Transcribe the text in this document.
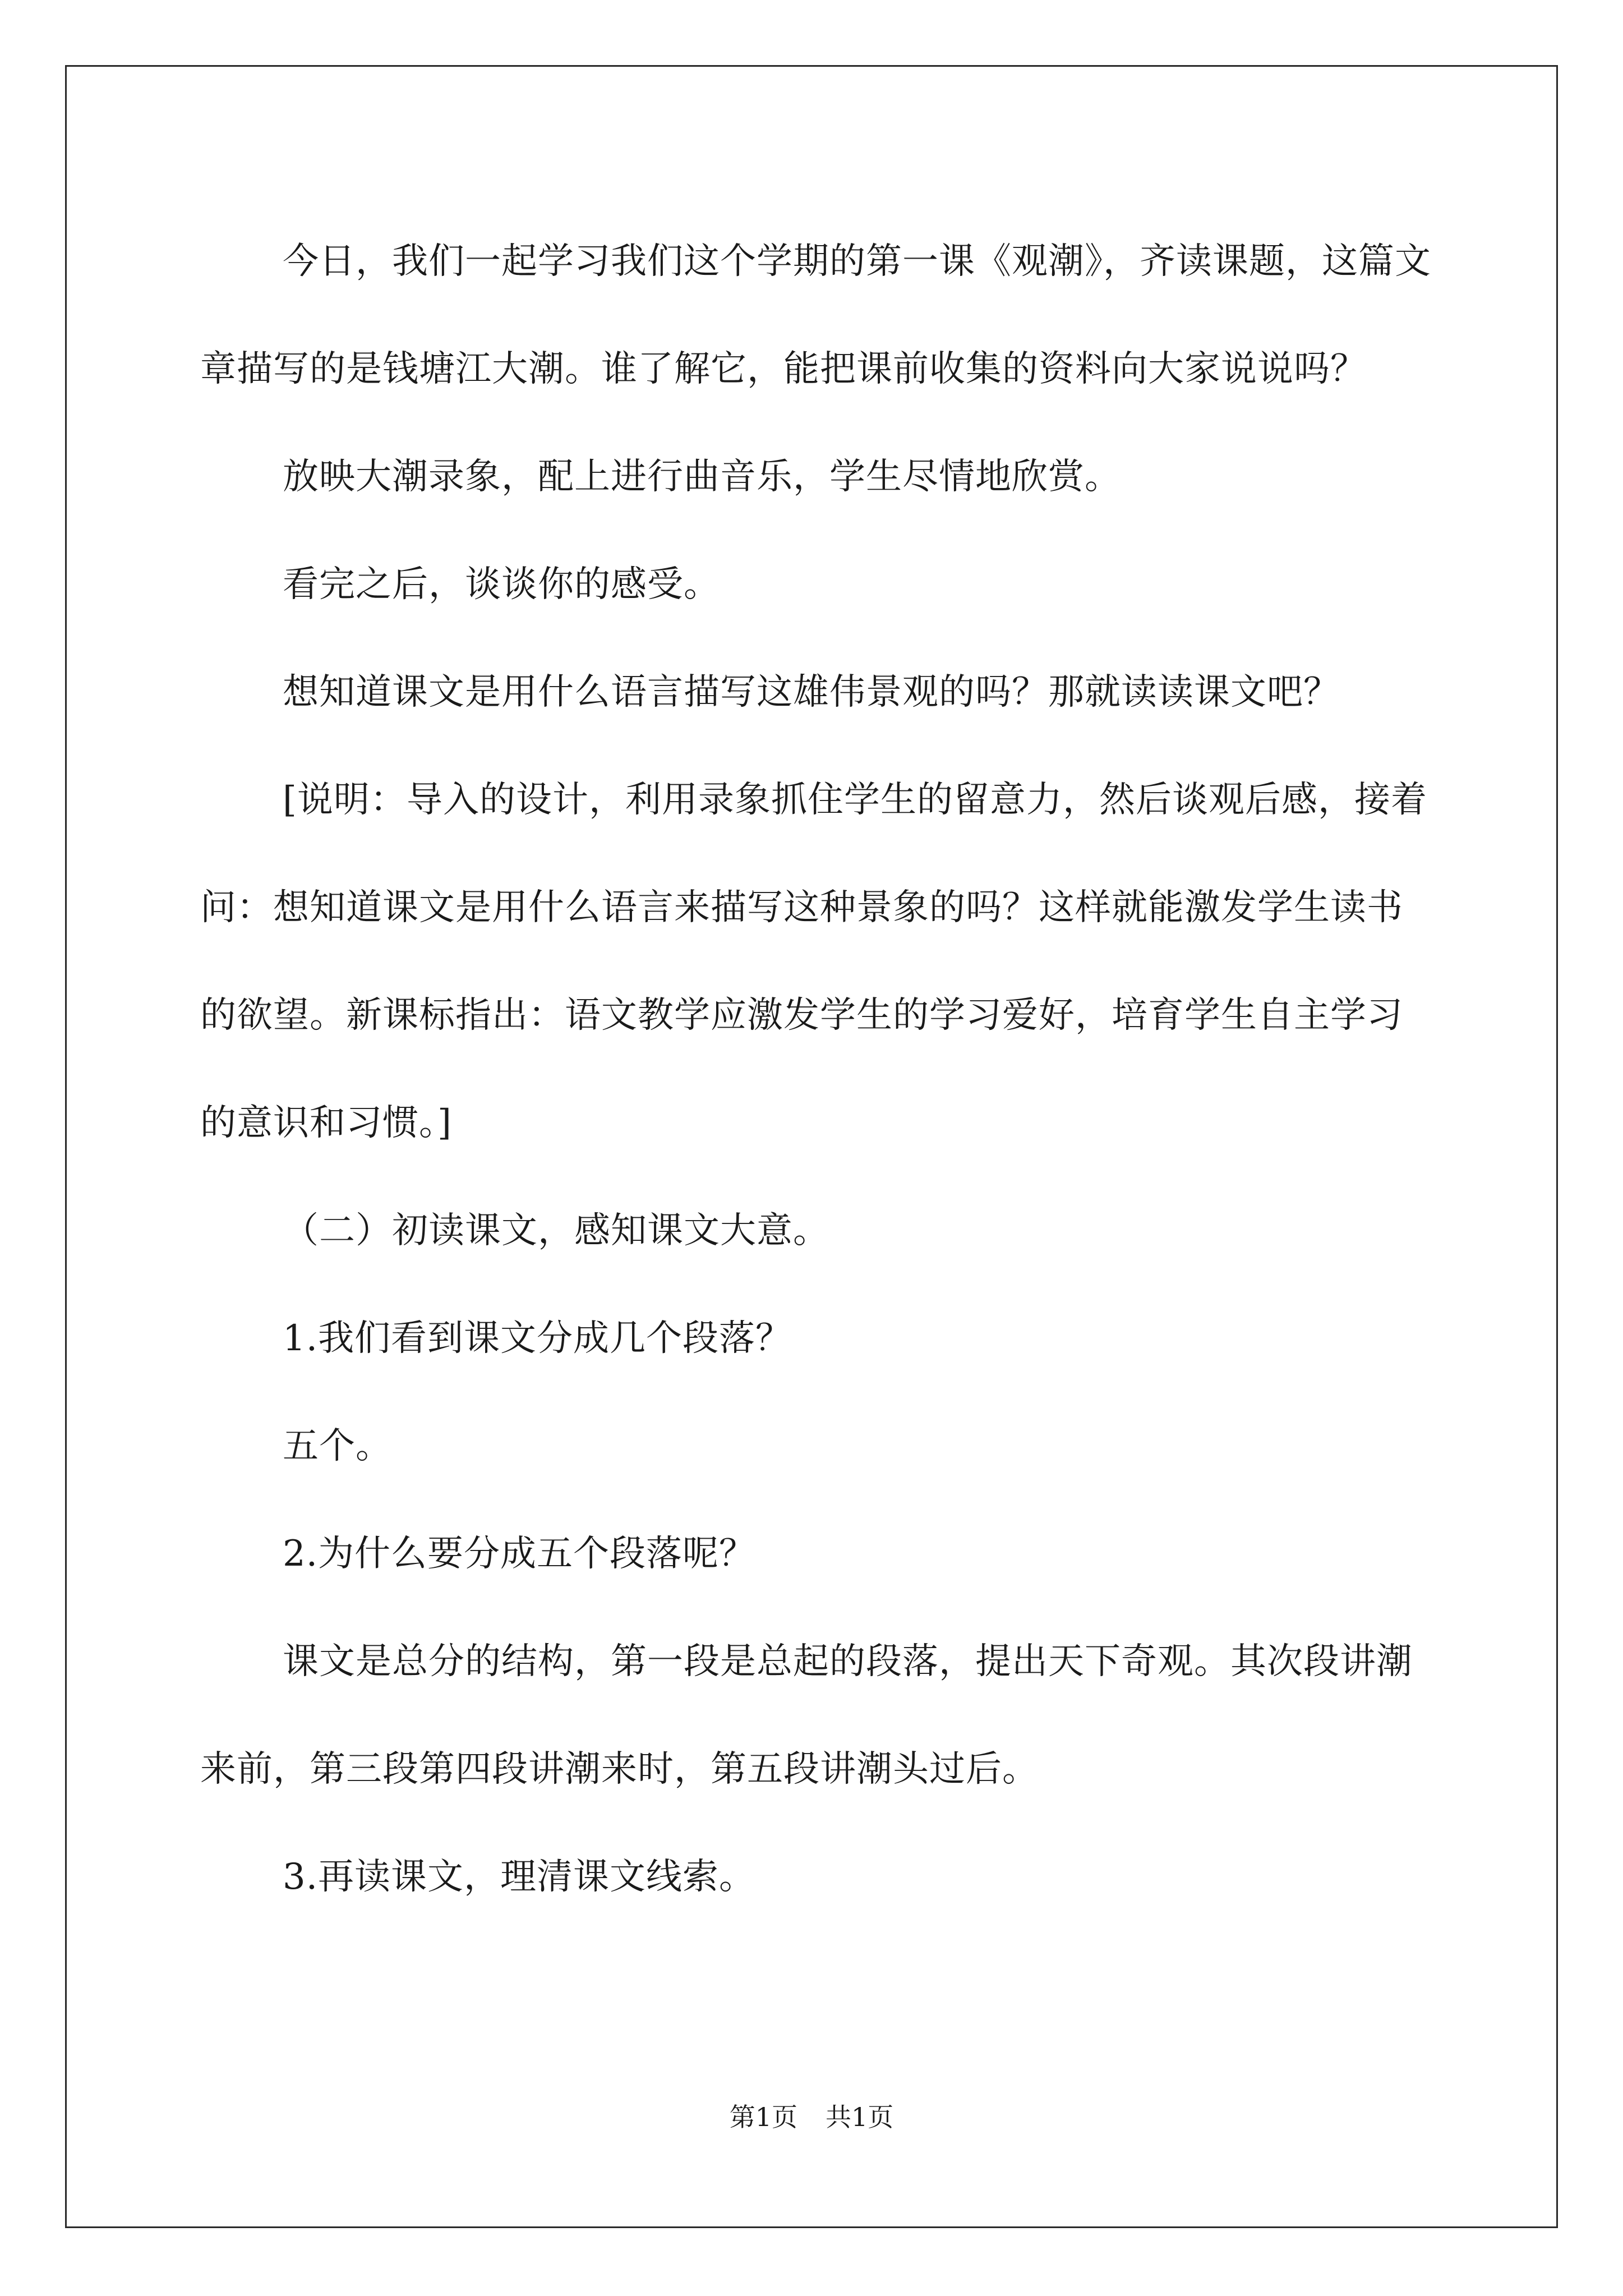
今日，我们一起学习我们这个学期的第一课《观潮》，齐读课题，这篇文章描写的是钱塘江大潮。谁了解它，能把课前收集的资料向大家说说吗？

放映大潮录象，配上进行曲音乐，学生尽情地欣赏。

看完之后，谈谈你的感受。

想知道课文是用什么语言描写这雄伟景观的吗？那就读读课文吧？

[说明：导入的设计，利用录象抓住学生的留意力，然后谈观后感，接着问：想知道课文是用什么语言来描写这种景象的吗？这样就能激发学生读书的欲望。新课标指出：语文教学应激发学生的学习爱好，培育学生自主学习的意识和习惯。]

（二）初读课文，感知课文大意。

1.我们看到课文分成几个段落？

五个。

2.为什么要分成五个段落呢？

课文是总分的结构，第一段是总起的段落，提出天下奇观。其次段讲潮来前，第三段第四段讲潮来时，第五段讲潮头过后。

3.再读课文，理清课文线索。

第1页 共1页
